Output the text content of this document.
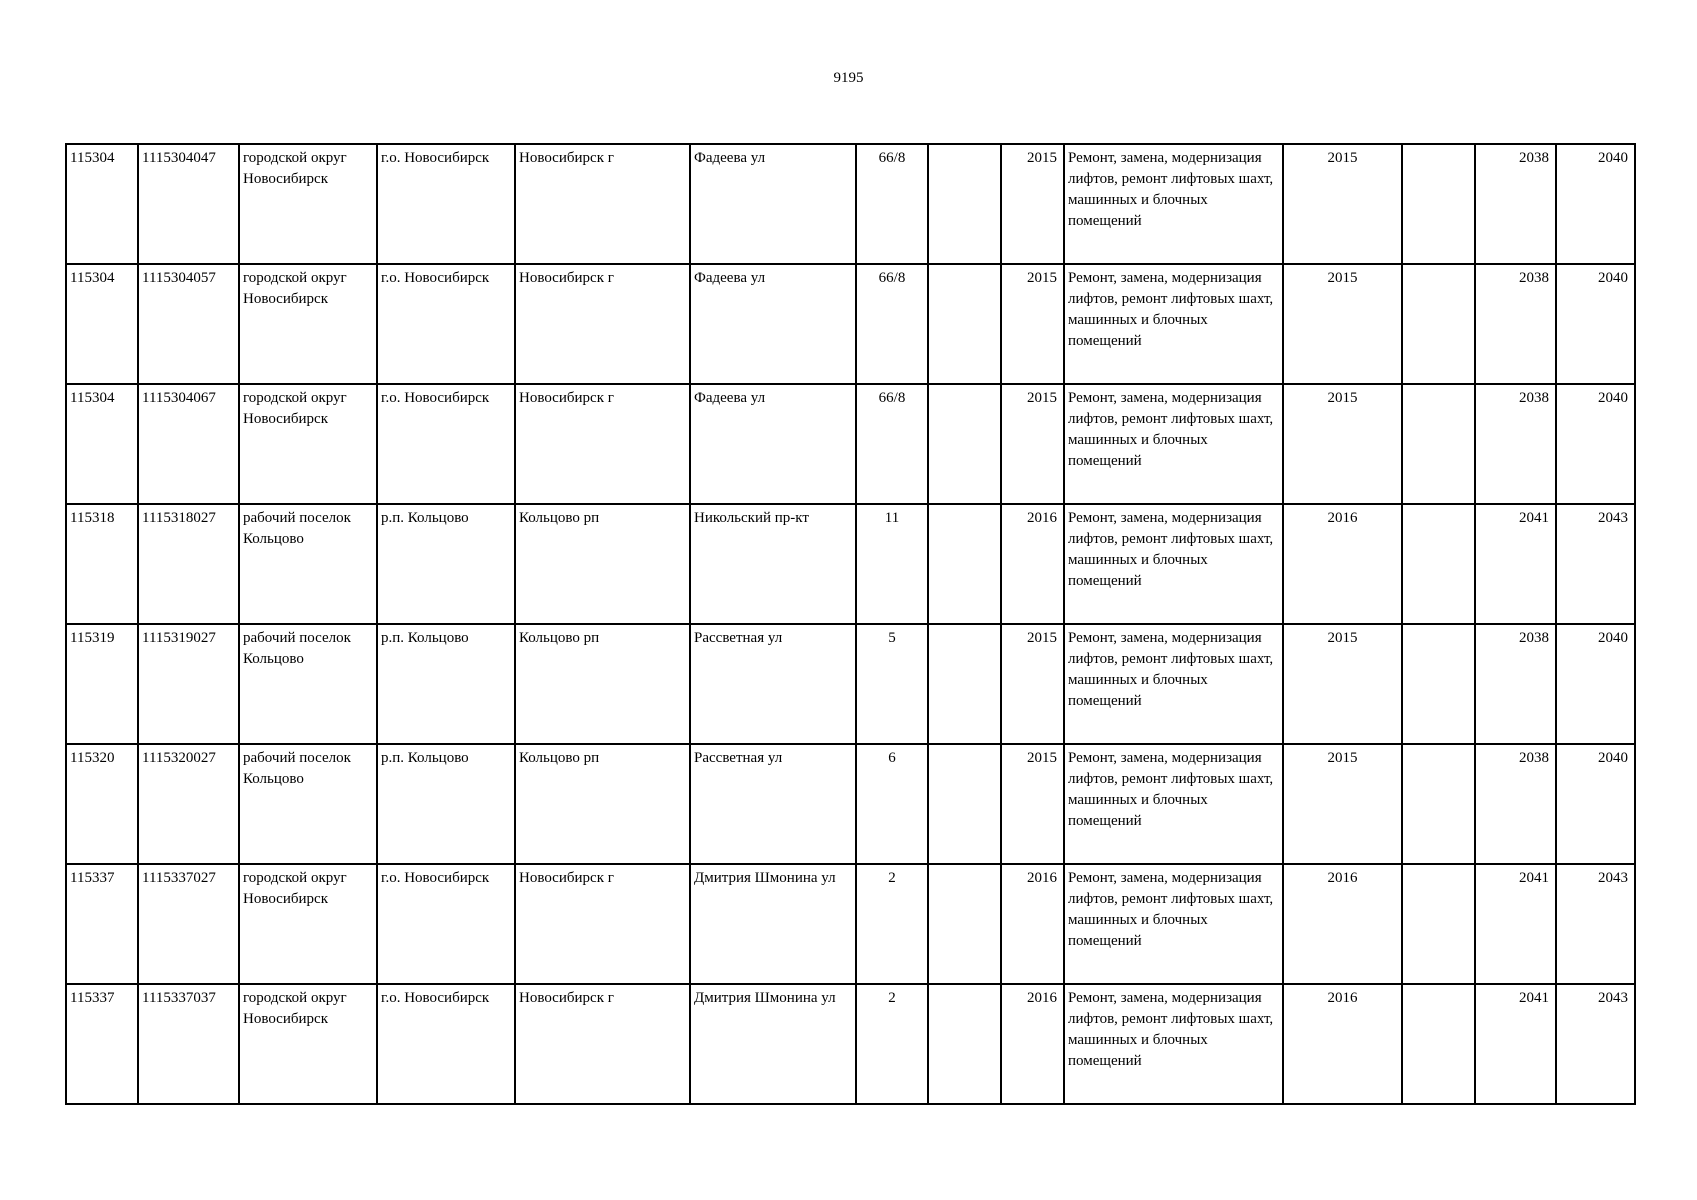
9195
115304	1115304047	городской округ Новосибирск	г.о. Новосибирск	Новосибирск г	Фадеева ул	66/8		2015	Ремонт, замена, модернизация лифтов, ремонт лифтовых шахт, машинных и блочных помещений	2015		2038	2040
115304	1115304057	городской округ Новосибирск	г.о. Новосибирск	Новосибирск г	Фадеева ул	66/8		2015	Ремонт, замена, модернизация лифтов, ремонт лифтовых шахт, машинных и блочных помещений	2015		2038	2040
115304	1115304067	городской округ Новосибирск	г.о. Новосибирск	Новосибирск г	Фадеева ул	66/8		2015	Ремонт, замена, модернизация лифтов, ремонт лифтовых шахт, машинных и блочных помещений	2015		2038	2040
115318	1115318027	рабочий поселок Кольцово	р.п. Кольцово	Кольцово рп	Никольский пр-кт	11		2016	Ремонт, замена, модернизация лифтов, ремонт лифтовых шахт, машинных и блочных помещений	2016		2041	2043
115319	1115319027	рабочий поселок Кольцово	р.п. Кольцово	Кольцово рп	Рассветная ул	5		2015	Ремонт, замена, модернизация лифтов, ремонт лифтовых шахт, машинных и блочных помещений	2015		2038	2040
115320	1115320027	рабочий поселок Кольцово	р.п. Кольцово	Кольцово рп	Рассветная ул	6		2015	Ремонт, замена, модернизация лифтов, ремонт лифтовых шахт, машинных и блочных помещений	2015		2038	2040
115337	1115337027	городской округ Новосибирск	г.о. Новосибирск	Новосибирск г	Дмитрия Шмонина ул	2		2016	Ремонт, замена, модернизация лифтов, ремонт лифтовых шахт, машинных и блочных помещений	2016		2041	2043
115337	1115337037	городской округ Новосибирск	г.о. Новосибирск	Новосибирск г	Дмитрия Шмонина ул	2		2016	Ремонт, замена, модернизация лифтов, ремонт лифтовых шахт, машинных и блочных помещений	2016		2041	2043
